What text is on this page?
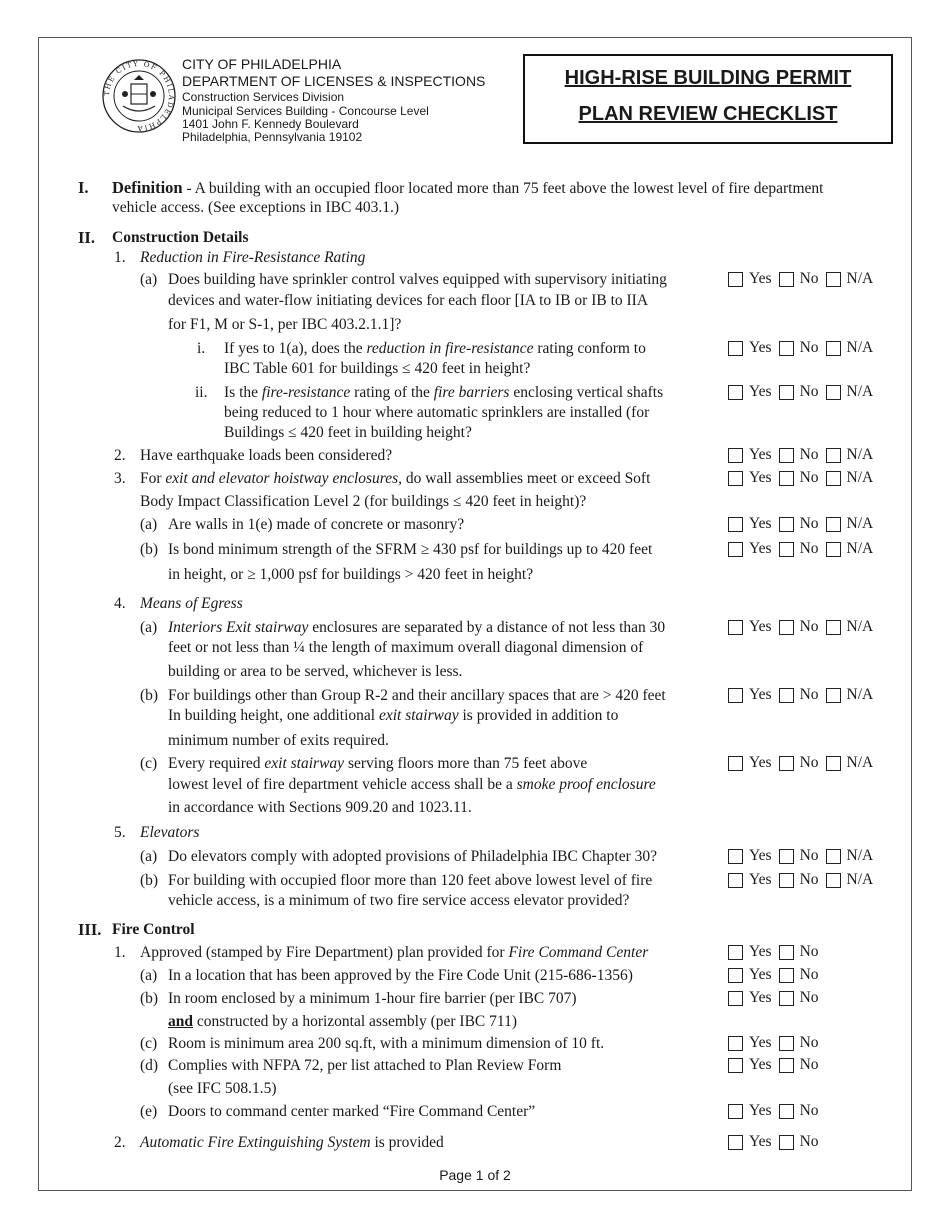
THE CITY OF PHILADELPHIA
CITY OF PHILADELPHIA
DEPARTMENT OF LICENSES & INSPECTIONS
Construction Services Division
Municipal Services Building - Concourse Level
1401 John F. Kennedy Boulevard
Philadelphia, Pennsylvania 19102
HIGH-RISE BUILDING PERMIT
PLAN REVIEW CHECKLIST
I. Definition - A building with an occupied floor located more than 75 feet above the lowest level of fire department
vehicle access. (See exceptions in IBC 403.1.)
II. Construction Details
1. Reduction in Fire-Resistance Rating
(a) Does building have sprinkler control valves equipped with supervisory initiating
devices and water-flow initiating devices for each floor [IA to IB or IB to IIA
for F1, M or S-1, per IBC 403.2.1.1]?
i. If yes to 1(a), does the reduction in fire-resistance rating conform to
IBC Table 601 for buildings ≤ 420 feet in height?
ii. Is the fire-resistance rating of the fire barriers enclosing vertical shafts
being reduced to 1 hour where automatic sprinklers are installed (for
Buildings ≤ 420 feet in building height?
2. Have earthquake loads been considered?
3. For exit and elevator hoistway enclosures, do wall assemblies meet or exceed Soft
Body Impact Classification Level 2 (for buildings ≤ 420 feet in height)?
(a) Are walls in 1(e) made of concrete or masonry?
(b) Is bond minimum strength of the SFRM ≥ 430 psf for buildings up to 420 feet
in height, or ≥ 1,000 psf for buildings > 420 feet in height?
4. Means of Egress
(a) Interiors Exit stairway enclosures are separated by a distance of not less than 30
feet or not less than ¼ the length of maximum overall diagonal dimension of
building or area to be served, whichever is less.
(b) For buildings other than Group R-2 and their ancillary spaces that are > 420 feet
In building height, one additional exit stairway is provided in addition to
minimum number of exits required.
(c) Every required exit stairway serving floors more than 75 feet above
lowest level of fire department vehicle access shall be a smoke proof enclosure
in accordance with Sections 909.20 and 1023.11.
5. Elevators
(a) Do elevators comply with adopted provisions of Philadelphia IBC Chapter 30?
(b) For building with occupied floor more than 120 feet above lowest level of fire
vehicle access, is a minimum of two fire service access elevator provided?
III. Fire Control
1. Approved (stamped by Fire Department) plan provided for Fire Command Center
(a) In a location that has been approved by the Fire Code Unit (215-686-1356)
(b) In room enclosed by a minimum 1-hour fire barrier (per IBC 707)
and constructed by a horizontal assembly (per IBC 711)
(c) Room is minimum area 200 sq.ft, with a minimum dimension of 10 ft.
(d) Complies with NFPA 72, per list attached to Plan Review Form
(see IFC 508.1.5)
(e) Doors to command center marked “Fire Command Center”
2. Automatic Fire Extinguishing System is provided
Yes No N/A
Yes No N/A
Yes No N/A
Yes No N/A
Yes No N/A
Yes No N/A
Yes No N/A
Yes No N/A
Yes No N/A
Yes No N/A
Yes No N/A
Yes No N/A
Yes No
Yes No
Yes No
Yes No
Yes No
Yes No
Yes No
Page 1 of 2
